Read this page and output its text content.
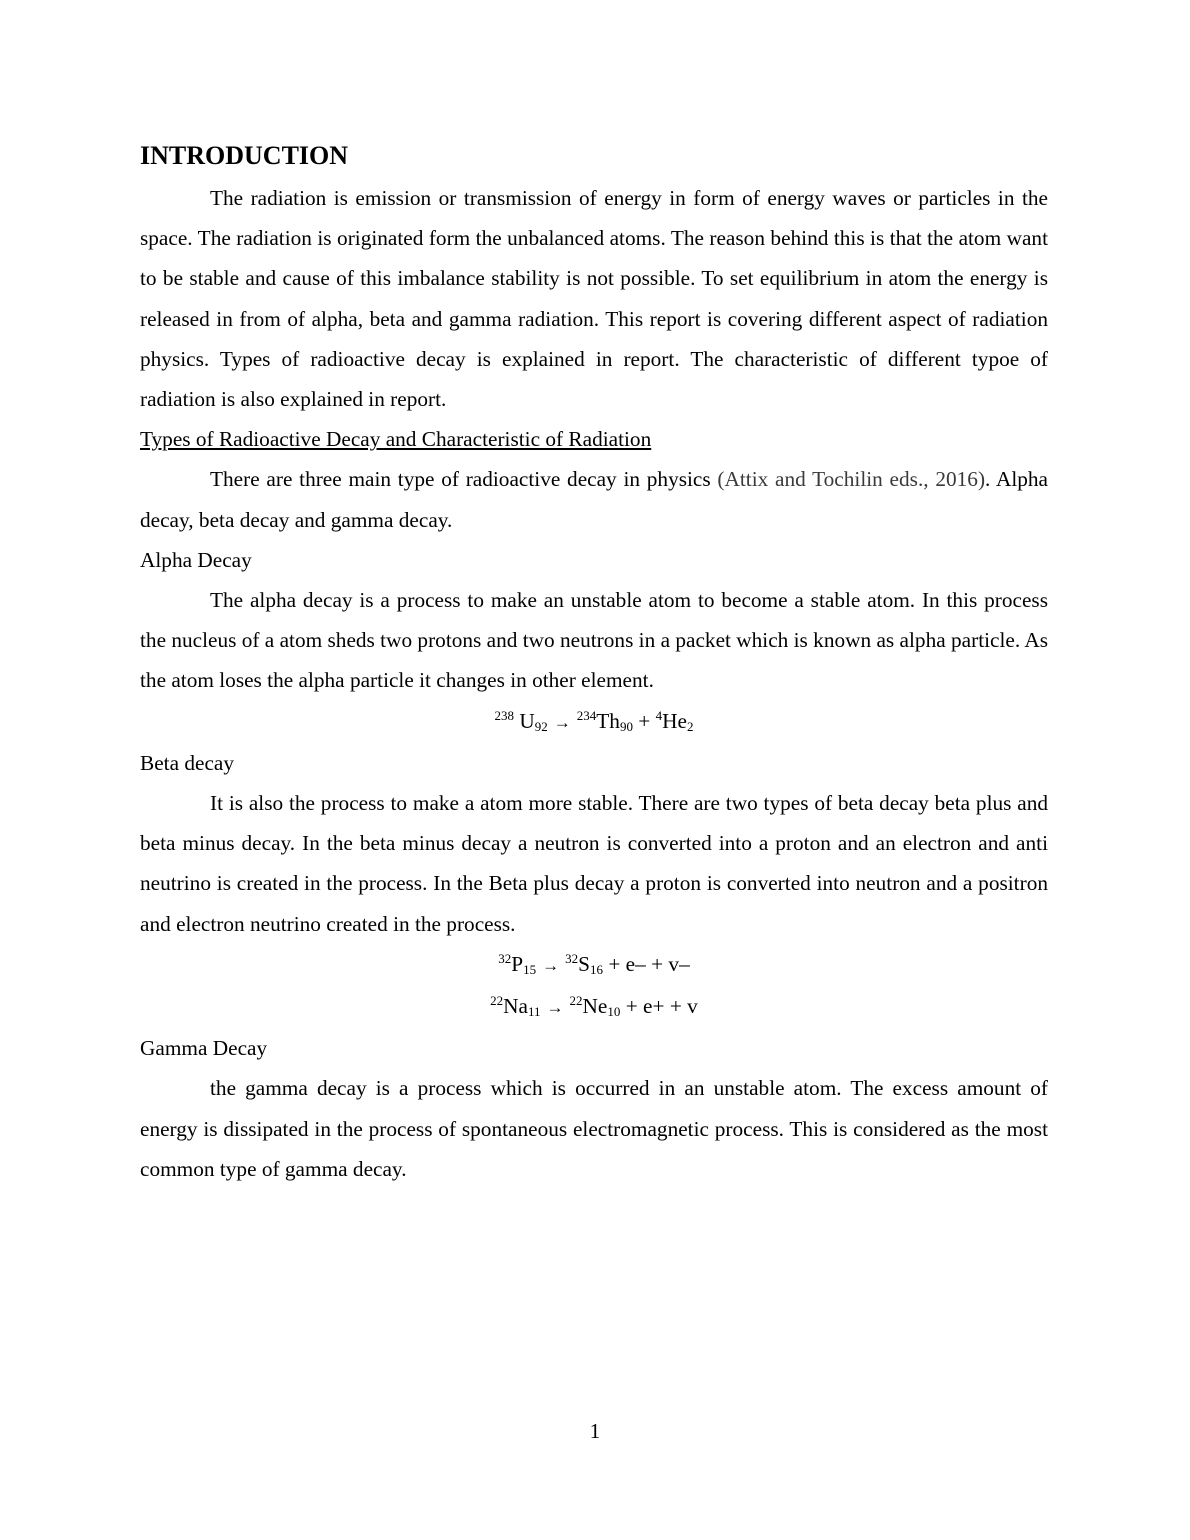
INTRODUCTION

The radiation is emission or transmission of energy in form of energy waves or particles in the space. The radiation is originated form the unbalanced atoms. The reason behind this is that the atom want to be stable and cause of this imbalance stability is not possible. To set equilibrium in atom the energy is released in from of alpha, beta and gamma radiation. This report is covering different aspect of radiation physics. Types of radioactive decay is explained in report. The characteristic of different typoe of radiation is also explained in report.

Types of Radioactive Decay and Characteristic of Radiation

There are three main type of radioactive decay in physics (Attix and Tochilin eds., 2016). Alpha decay, beta decay and gamma decay.

Alpha Decay

The alpha decay is a process to make an unstable atom to become a stable atom. In this process the nucleus of a atom sheds two protons and two neutrons in a packet which is known as alpha particle. As the atom loses the alpha particle it changes in other element.

$^{238}$ $U_{92} \to ^{234}Th_{90} + ^4He_2$
Beta decay

It is also the process to make a atom more stable. There are two types of beta decay beta plus and beta minus decay. In the beta minus decay a neutron is converted into a proton and an electron and anti neutrino is created in the process. In the Beta plus decay a proton is converted into neutron and a positron and electron neutrino created in the process.

$^{32}P_{15} \to ^{32}S_{16} + e- + v-$
$^{22}Na_{11} \to ^{22}Ne_{10} + e+ + v$
Gamma Decay

the gamma decay is a process which is occurred in an unstable atom. The excess amount of energy is dissipated in the process of spontaneous electromagnetic process. This is considered as the most common type of gamma decay.

1
